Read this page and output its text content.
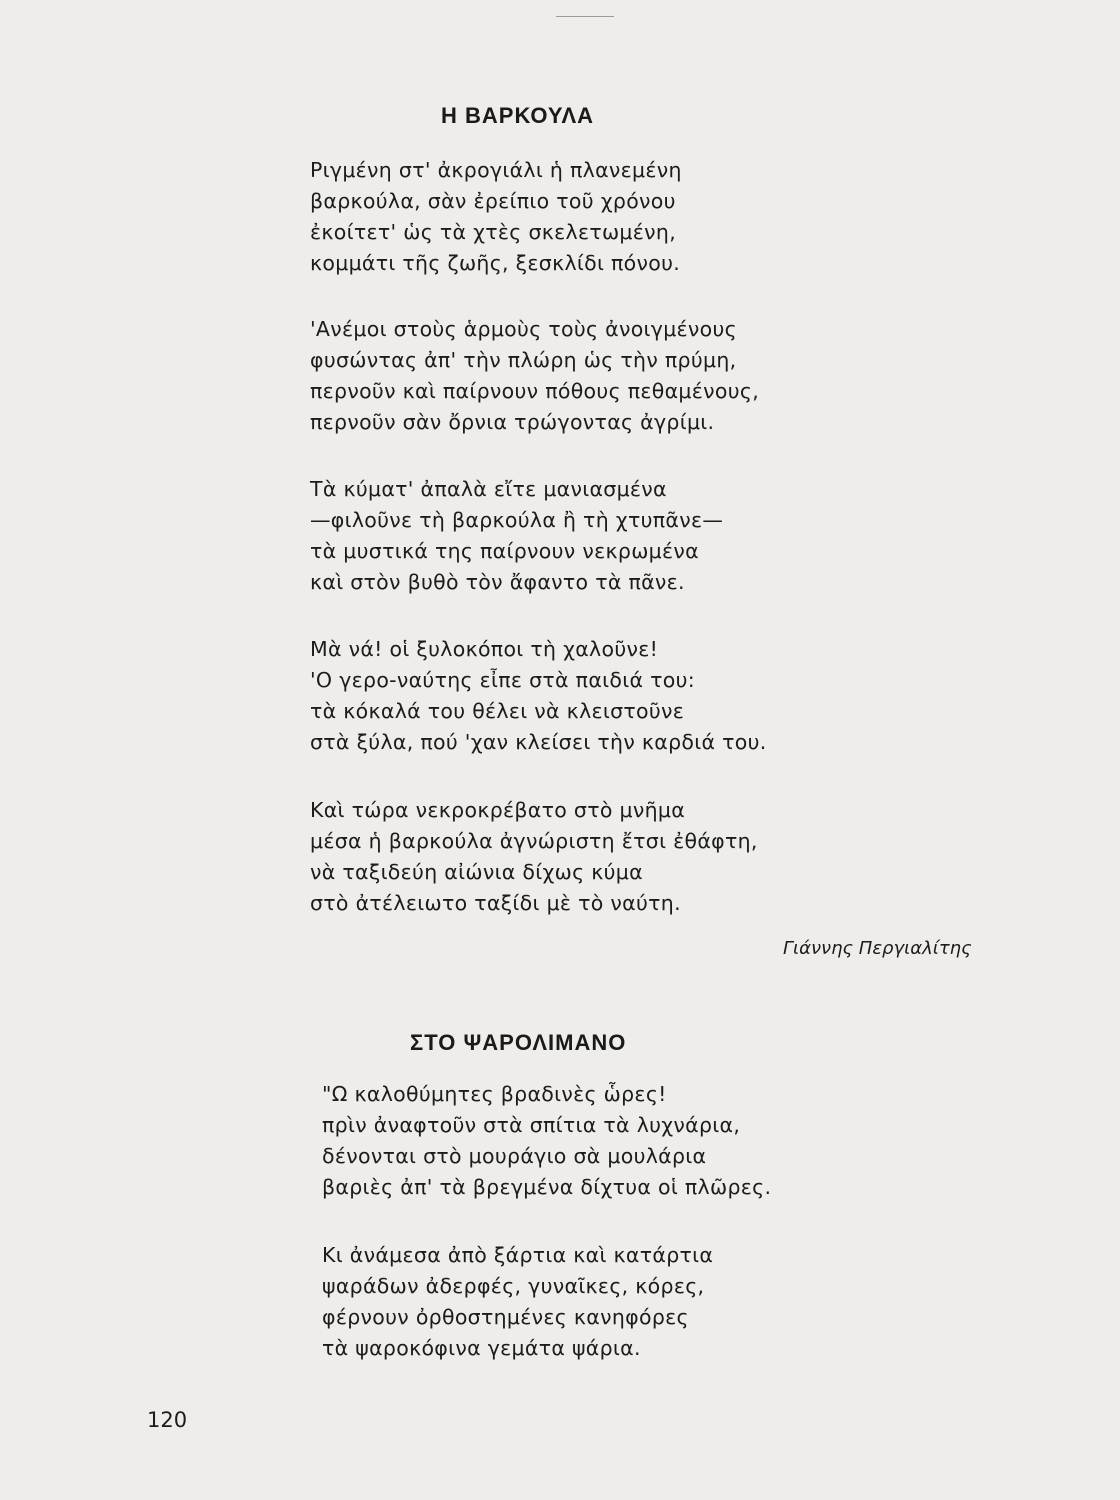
Η ΒΑΡΚΟΥΛΑ
Ριγμένη στ' ἀκρογιάλι ἡ πλανεμένη
βαρκούλα, σὰν ἐρείπιο τοῦ χρόνου
ἐκοίτετ' ὡς τὰ χτὲς σκελετωμένη,
κομμάτι τῆς ζωῆς, ξεσκλίδι πόνου.
'Ανέμοι στοὺς ἁρμοὺς τοὺς ἀνοιγμένους
φυσώντας ἀπ' τὴν πλώρη ὡς τὴν πρύμη,
περνοῦν καὶ παίρνουν πόθους πεθαμένους,
περνοῦν σὰν ὄρνια τρώγοντας ἀγρίμι.
Τὰ κύματ' ἀπαλὰ εἴτε μανιασμένα
—φιλοῦνε τὴ βαρκούλα ἢ τὴ χτυπᾶνε—
τὰ μυστικά της παίρνουν νεκρωμένα
καὶ στὸν βυθὸ τὸν ἄφαντο τὰ πᾶνε.
Μὰ νά! οἱ ξυλοκόποι τὴ χαλοῦνε!
'Ο γερο-ναύτης εἶπε στὰ παιδιά του:
τὰ κόκαλά του θέλει νὰ κλειστοῦνε
στὰ ξύλα, πού 'χαν κλείσει τὴν καρδιά του.
Καὶ τώρα νεκροκρέβατο στὸ μνῆμα
μέσα ἡ βαρκούλα ἀγνώριστη ἔτσι ἐθάφτη,
νὰ ταξιδεύη αἰώνια δίχως κύμα
στὸ ἀτέλειωτο ταξίδι μὲ τὸ ναύτη.
Γιάννης Περγιαλίτης
ΣΤΟ ΨΑΡΟΛΙΜΑΝΟ
"Ω καλοθύμητες βραδινὲς ὧρες!
πρὶν ἀναφτοῦν στὰ σπίτια τὰ λυχνάρια,
δένονται στὸ μουράγιο σὰ μουλάρια
βαριὲς ἀπ' τὰ βρεγμένα δίχτυα οἱ πλῶρες.
Κι ἀνάμεσα ἀπὸ ξάρτια καὶ κατάρτια
ψαράδων ἀδερφές, γυναῖκες, κόρες,
φέρνουν ὀρθοστημένες κανηφόρες
τὰ ψαροκόφινα γεμάτα ψάρια.
120
